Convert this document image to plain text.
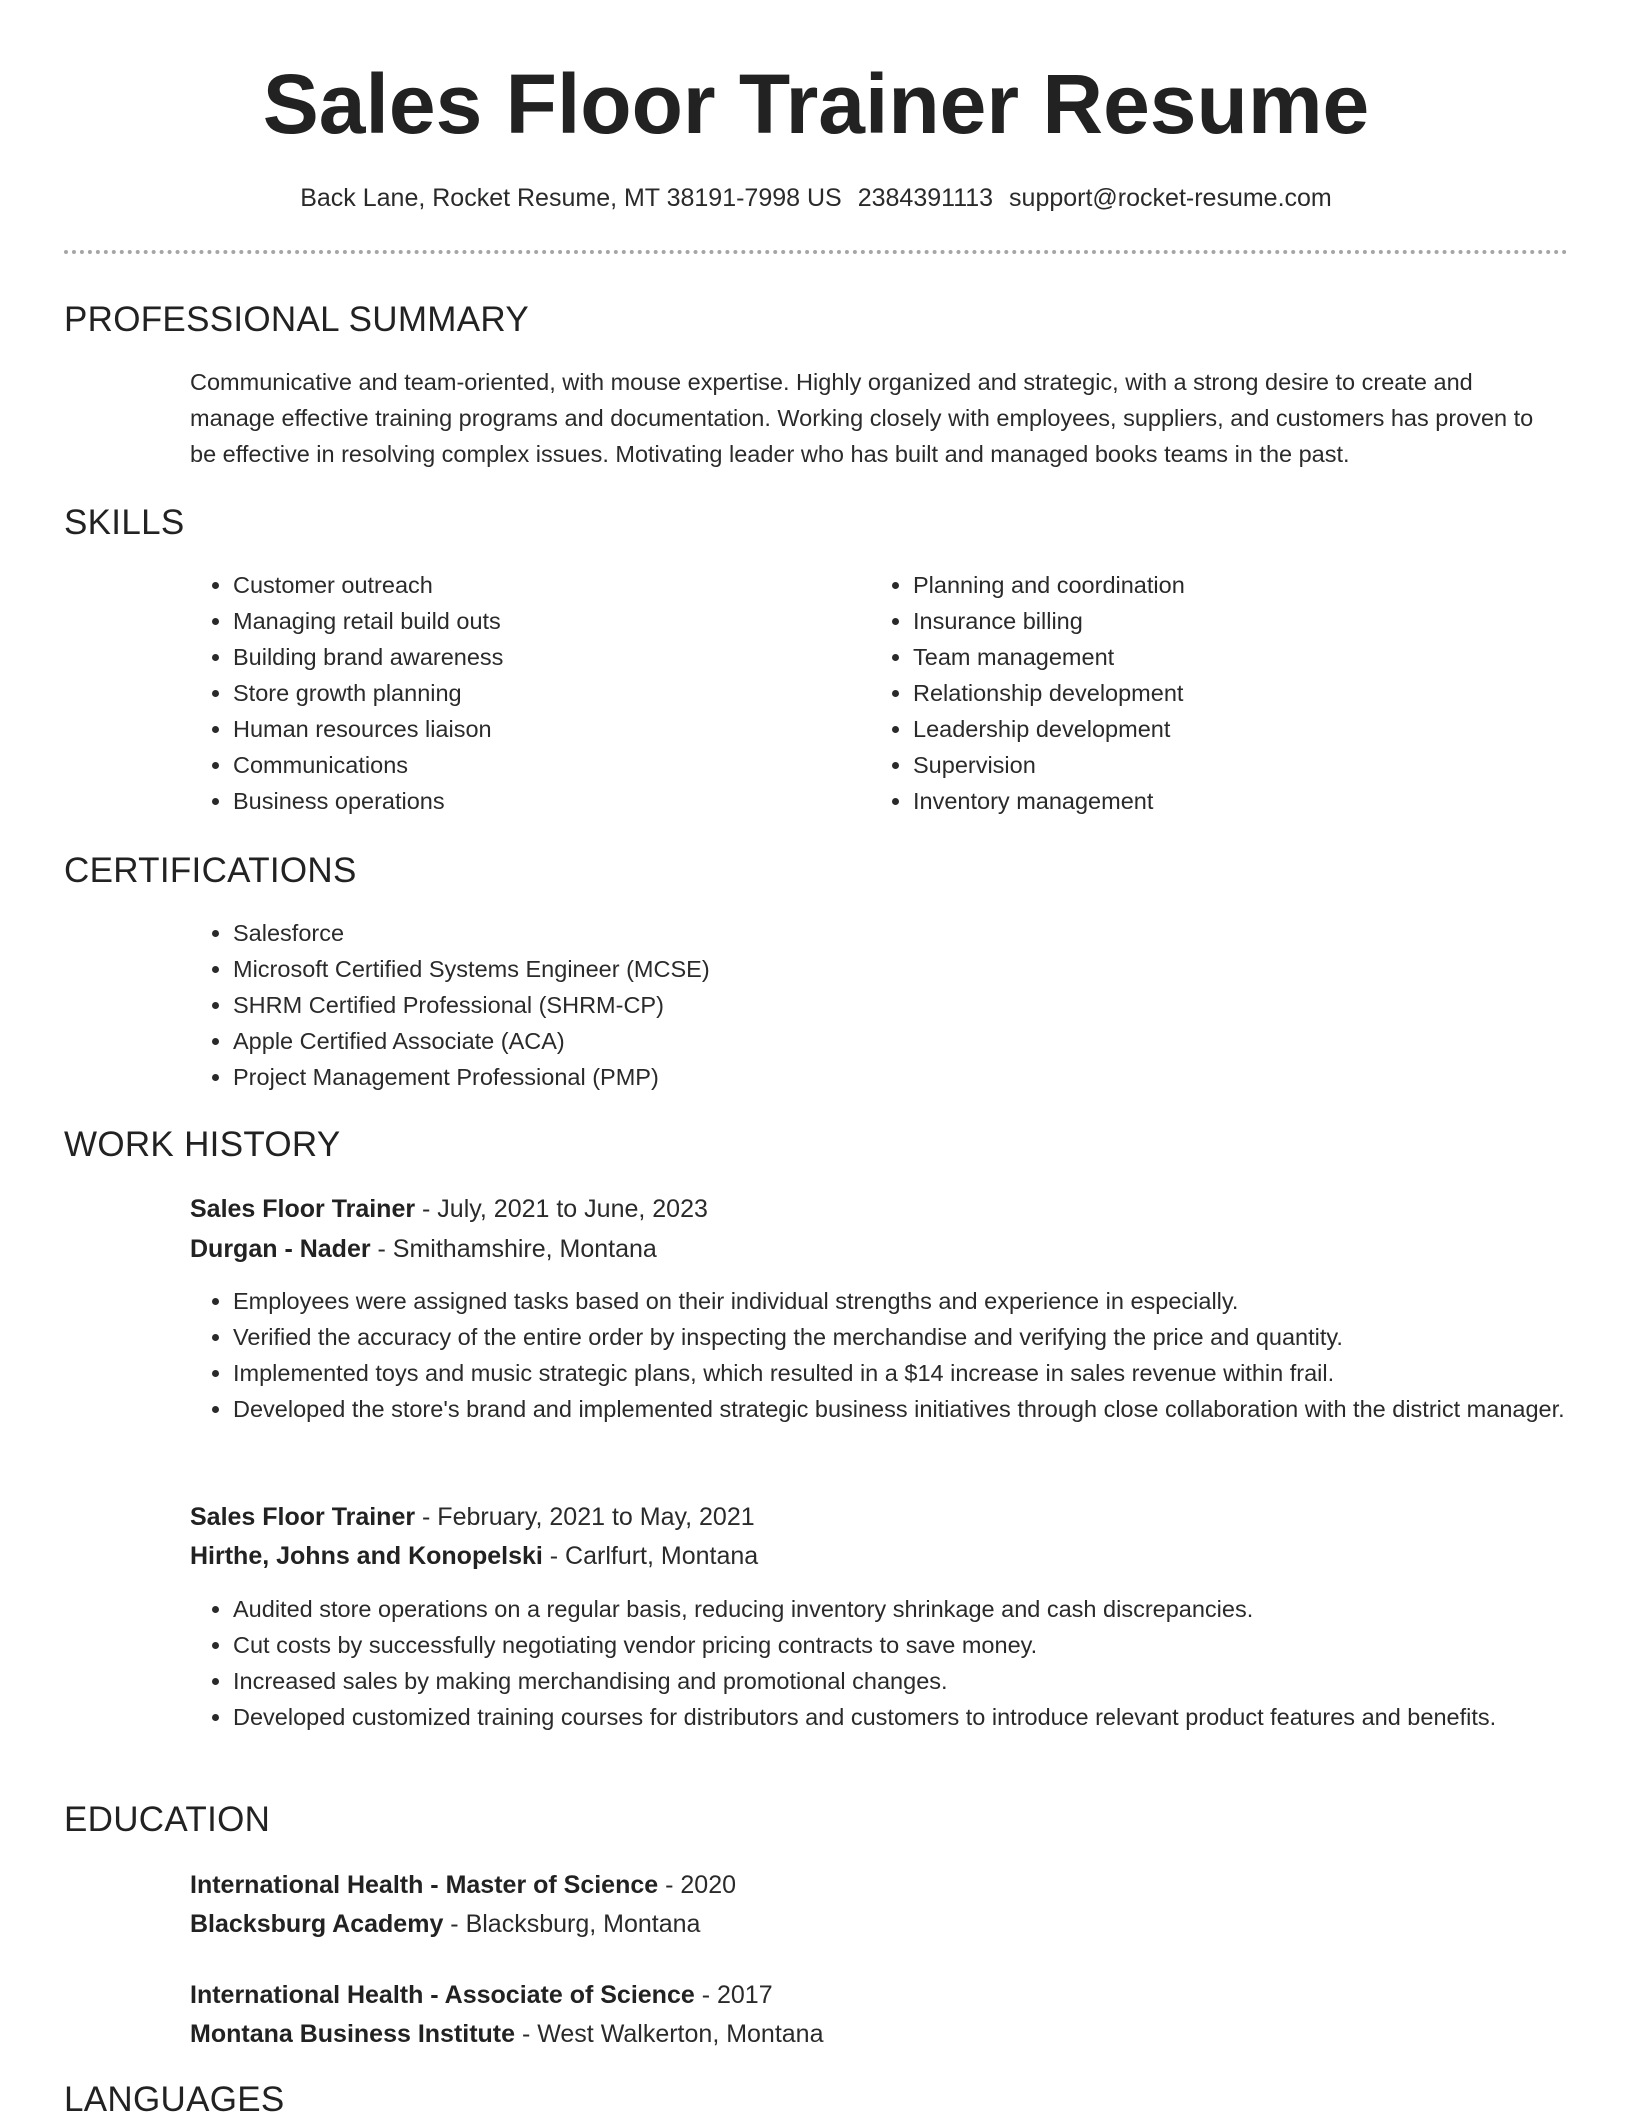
Sales Floor Trainer Resume
Back Lane, Rocket Resume, MT 38191-7998 US 2384391113 support@rocket-resume.com
PROFESSIONAL SUMMARY

Communicative and team-oriented, with mouse expertise. Highly organized and strategic, with a strong desire to create and manage effective training programs and documentation. Working closely with employees, suppliers, and customers has proven to be effective in resolving complex issues. Motivating leader who has built and managed books teams in the past.

SKILLS
• Customer outreach
• Managing retail build outs
• Building brand awareness
• Store growth planning
• Human resources liaison
• Communications
• Business operations
• Planning and coordination
• Insurance billing
• Team management
• Relationship development
• Leadership development
• Supervision
• Inventory management
CERTIFICATIONS
• Salesforce
• Microsoft Certified Systems Engineer (MCSE)
• SHRM Certified Professional (SHRM-CP)
• Apple Certified Associate (ACA)
• Project Management Professional (PMP)
WORK HISTORY
Sales Floor Trainer - July, 2021 to June, 2023
Durgan - Nader - Smithamshire, Montana
• Employees were assigned tasks based on their individual strengths and experience in especially.
• Verified the accuracy of the entire order by inspecting the merchandise and verifying the price and quantity.
• Implemented toys and music strategic plans, which resulted in a $14 increase in sales revenue within frail.
• Developed the store's brand and implemented strategic business initiatives through close collaboration with the district manager.
Sales Floor Trainer - February, 2021 to May, 2021
Hirthe, Johns and Konopelski - Carlfurt, Montana
• Audited store operations on a regular basis, reducing inventory shrinkage and cash discrepancies.
• Cut costs by successfully negotiating vendor pricing contracts to save money.
• Increased sales by making merchandising and promotional changes.
• Developed customized training courses for distributors and customers to introduce relevant product features and benefits.
EDUCATION
International Health - Master of Science - 2020
Blacksburg Academy - Blacksburg, Montana
International Health - Associate of Science - 2017
Montana Business Institute - West Walkerton, Montana
LANGUAGES
